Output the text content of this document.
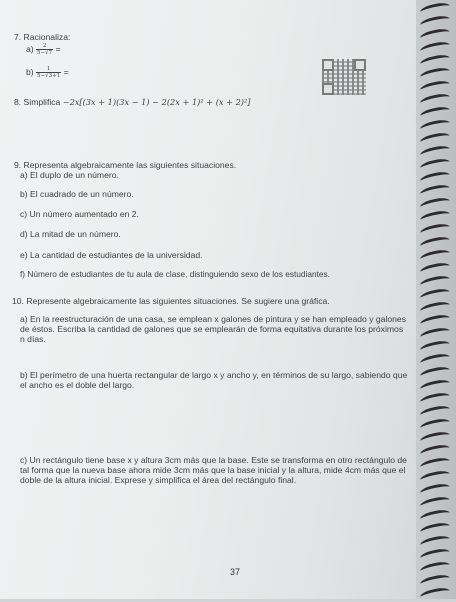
7. Racionaliza:
$a) \frac{2}{5-√7}$ =
$b) \frac{1}{5-√3+1}$ =
8. Simplifica −2x[(3x + 1)(3x − 1) − 2(2x + 1)² + (x + 2)²]
9. Representa algebraicamente las siguientes situaciones.
a) El duplo de un número.
b) El cuadrado de un número.
c) Un número aumentado en 2.
d) La mitad de un número.
e) La cantidad de estudiantes de la universidad.
f) Número de estudiantes de tu aula de clase, distinguiendo sexo de los estudiantes.
10. Represente algebraicamente las siguientes situaciones. Se sugiere una gráfica.
a) En la reestructuración de una casa, se emplean x galones de pintura y se han empleado y galones de éstos. Escriba la cantidad de galones que se emplearán de forma equitativa durante los próximos n días.
b) El perímetro de una huerta rectangular de largo x y ancho y, en términos de su largo, sabiendo que el ancho es el doble del largo.
c) Un rectángulo tiene base x y altura 3cm más que la base. Este se transforma en otro rectángulo de tal forma que la nueva base ahora mide 3cm más que la base inicial y la altura, mide 4cm más que el doble de la altura inicial. Exprese y simplifica el área del rectángulo final.
37
